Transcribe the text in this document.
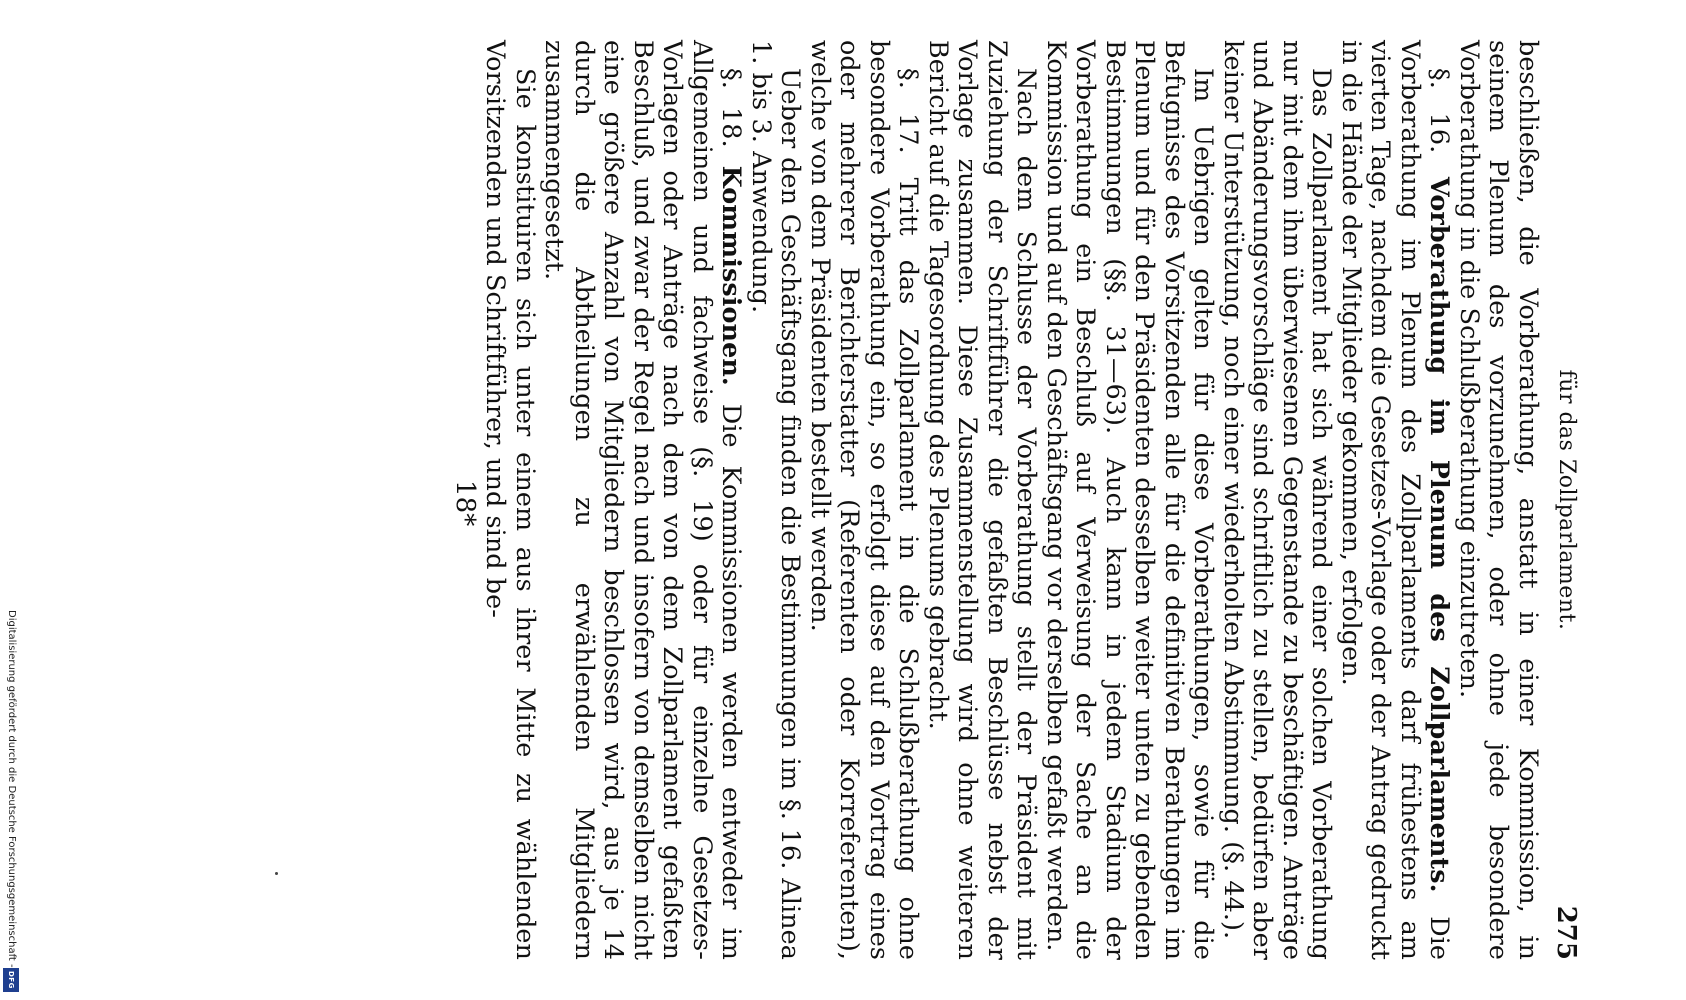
Digitalisierung gefördert durch die Deutsche Forschungsgemeinschaft -
DFG
für das Zollparlament.
275

beschließen, die Vorberathung, anstatt in einer Kommission, in seinem Plenum des vorzunehmen, oder ohne jede besondere Vorberathung in die Schlußberathung einzutreten.

§. 16. Vorberathung im Plenum des Zollparlaments. Die Vorberathung im Plenum des Zollparlaments darf frühestens am vierten Tage, nachdem die Gesetzes-Vorlage oder der Antrag gedruckt in die Hände der Mitglieder gekommen, erfolgen.

Das Zollparlament hat sich während einer solchen Vorberathung nur mit dem ihm überwiesenen Gegenstande zu beschäftigen. Anträge und Abänderungsvorschläge sind schriftlich zu stellen, bedürfen aber keiner Unterstützung, noch einer wiederholten Abstimmung. (§. 44.).

Im Uebrigen gelten für diese Vorberathungen, sowie für die Befugnisse des Vorsitzenden alle für die definitiven Berathungen im Plenum und für den Präsidenten desselben weiter unten zu gebenden Bestimmungen (§§. 31—63). Auch kann in jedem Stadium der Vorberathung ein Beschluß auf Verweisung der Sache an die Kommission und auf den Geschäftsgang vor derselben gefaßt werden.

Nach dem Schlusse der Vorberathung stellt der Präsident mit Zuziehung der Schriftführer die gefaßten Beschlüsse nebst der Vorlage zusammen. Diese Zusammenstellung wird ohne weiteren Bericht auf die Tagesordnung des Plenums gebracht.

§. 17. Tritt das Zollparlament in die Schlußberathung ohne besondere Vorberathung ein, so erfolgt diese auf den Vortrag eines oder mehrerer Berichterstatter (Referenten oder Korreferenten), welche von dem Präsidenten bestellt werden.

Ueber den Geschäftsgang finden die Bestimmungen im §. 16. Alinea 1. bis 3. Anwendung.

§. 18. Kommissionen. Die Kommissionen werden entweder im Allgemeinen und fachweise (§. 19) oder für einzelne Gesetzes-Vorlagen oder Anträge nach dem von dem Zollparlament gefaßten Beschluß, und zwar der Regel nach und insofern von demselben nicht eine größere Anzahl von Mitgliedern beschlossen wird, aus je 14 durch die Abtheilungen zu erwählenden Mitgliedern zusammengesetzt.

Sie konstituiren sich unter einem aus ihrer Mitte zu wählenden Vorsitzenden und Schriftführer, und sind be-

18*
